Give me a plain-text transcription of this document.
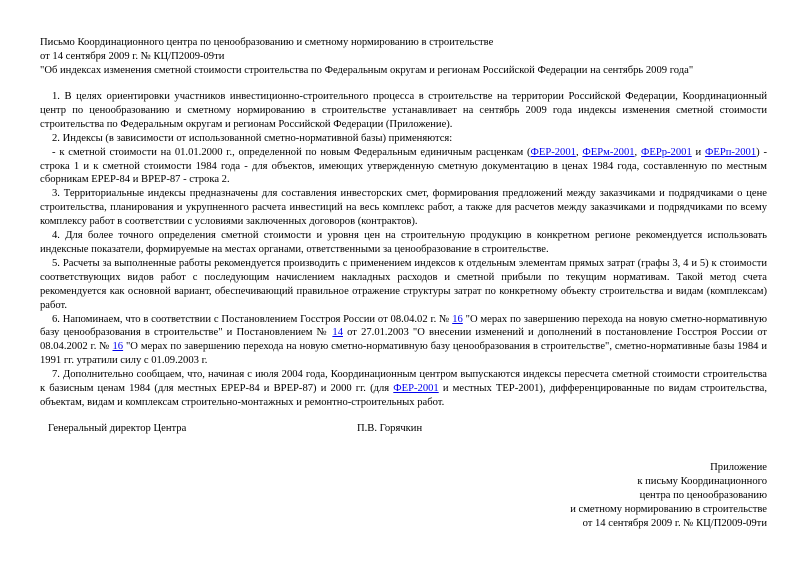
Письмо Координационного центра по ценообразованию и сметному нормированию в строительстве
от 14 сентября 2009 г. № КЦ/П2009-09ти
"Об индексах изменения сметной стоимости строительства по Федеральным округам и регионам Российской Федерации на сентябрь 2009 года"

1. В целях ориентировки участников инвестиционно-строительного процесса в строительстве на территории Российской Федерации, Координационный центр по ценообразованию и сметному нормированию в строительстве устанавливает на сентябрь 2009 года индексы изменения сметной стоимости строительства по Федеральным округам и регионам Российской Федерации (Приложение).

2. Индексы (в зависимости от использованной сметно-нормативной базы) применяются:

- к сметной стоимости на 01.01.2000 г., определенной по новым Федеральным единичным расценкам (ФЕР-2001, ФЕРм-2001, ФЕРр-2001 и ФЕРп-2001) - строка 1 и к сметной стоимости 1984 года - для объектов, имеющих утвержденную сметную документацию в ценах 1984 года, составленную по местным сборникам ЕРЕР-84 и ВРЕР-87 - строка 2.

3. Территориальные индексы предназначены для составления инвесторских смет, формирования предложений между заказчиками и подрядчиками о цене строительства, планирования и укрупненного расчета инвестиций на весь комплекс работ, а также для расчетов между заказчиками и подрядчиками по всему комплексу работ в соответствии с условиями заключенных договоров (контрактов).

4. Для более точного определения сметной стоимости и уровня цен на строительную продукцию в конкретном регионе рекомендуется использовать индексные показатели, формируемые на местах органами, ответственными за ценообразование в строительстве.

5. Расчеты за выполненные работы рекомендуется производить с применением индексов к отдельным элементам прямых затрат (графы 3, 4 и 5) к стоимости соответствующих видов работ с последующим начислением накладных расходов и сметной прибыли по текущим нормативам. Такой метод счета рекомендуется как основной вариант, обеспечивающий правильное отражение структуры затрат по конкретному объекту строительства и видам (комплексам) работ.

6. Напоминаем, что в соответствии с Постановлением Госстроя России от 08.04.02 г. № 16 "О мерах по завершению перехода на новую сметно-нормативную базу ценообразования в строительстве" и Постановлением № 14 от 27.01.2003 "О внесении изменений и дополнений в постановление Госстроя России от 08.04.2002 г. № 16 "О мерах по завершению перехода на новую сметно-нормативную базу ценообразования в строительстве", сметно-нормативные базы 1984 и 1991 гг. утратили силу с 01.09.2003 г.

7. Дополнительно сообщаем, что, начиная с июля 2004 года, Координационным центром выпускаются индексы пересчета сметной стоимости строительства к базисным ценам 1984 (для местных ЕРЕР-84 и ВРЕР-87) и 2000 гг. (для ФЕР-2001 и местных ТЕР-2001), дифференцированные по видам строительства, объектам, видам и комплексам строительно-монтажных и ремонтно-строительных работ.

Генеральный директор Центра	П.В. Горячкин
Приложение
к письму Координационного
центра по ценообразованию
и сметному нормированию в строительстве
от 14 сентября 2009 г. № КЦ/П2009-09ти
